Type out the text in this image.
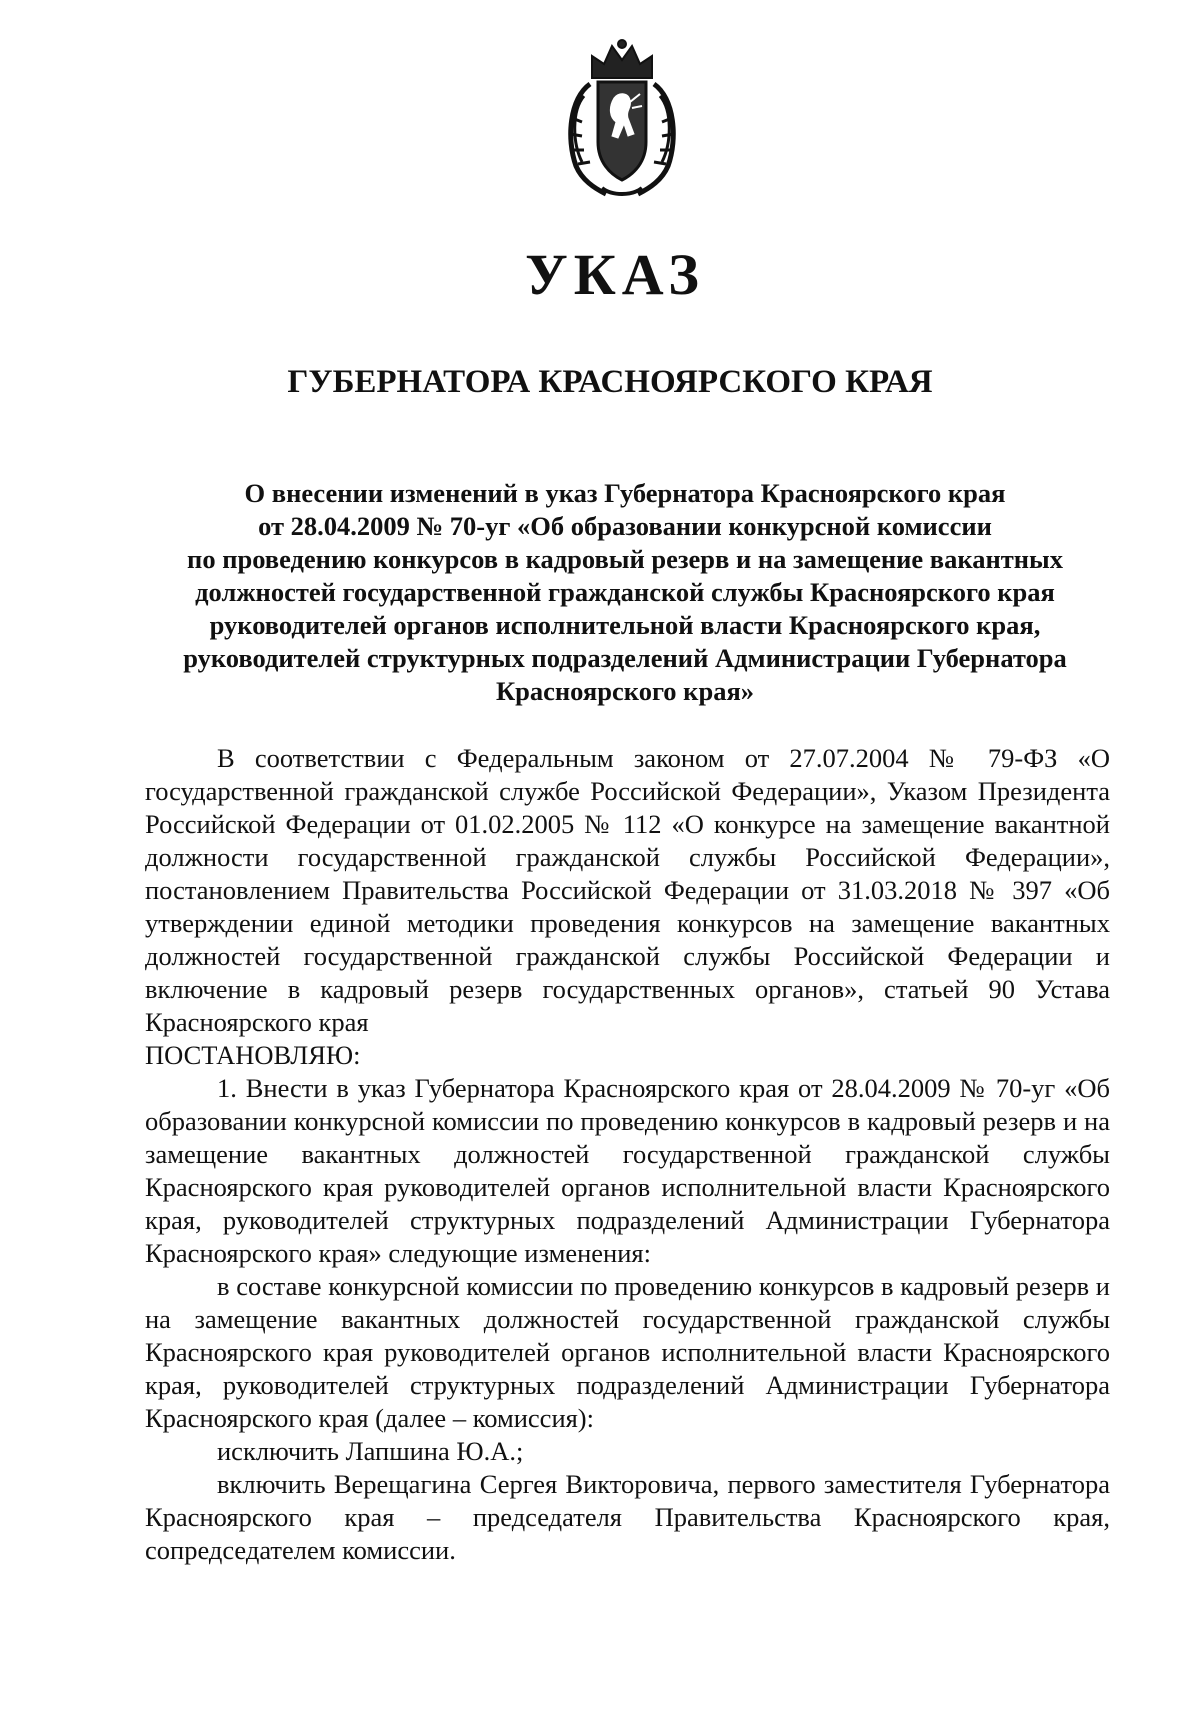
УКАЗ
ГУБЕРНАТОРА КРАСНОЯРСКОГО КРАЯ
О внесении изменений в указ Губернатора Красноярского края
от 28.04.2009 № 70-уг «Об образовании конкурсной комиссии
по проведению конкурсов в кадровый резерв и на замещение вакантных
должностей государственной гражданской службы Красноярского края
руководителей органов исполнительной власти Красноярского края,
руководителей структурных подразделений Администрации Губернатора
Красноярского края»

В соответствии с Федеральным законом от 27.07.2004 № 79-ФЗ «О государственной гражданской службе Российской Федерации», Указом Президента Российской Федерации от 01.02.2005 № 112 «О конкурсе на замещение вакантной должности государственной гражданской службы Российской Федерации», постановлением Правительства Российской Федерации от 31.03.2018 № 397 «Об утверждении единой методики проведения конкурсов на замещение вакантных должностей государственной гражданской службы Российской Федерации и включение в кадровый резерв государственных органов», статьей 90 Устава Красноярского края

ПОСТАНОВЛЯЮ:

1. Внести в указ Губернатора Красноярского края от 28.04.2009 № 70-уг «Об образовании конкурсной комиссии по проведению конкурсов в кадровый резерв и на замещение вакантных должностей государственной гражданской службы Красноярского края руководителей органов исполнительной власти Красноярского края, руководителей структурных подразделений Администрации Губернатора Красноярского края» следующие изменения:

в составе конкурсной комиссии по проведению конкурсов в кадровый резерв и на замещение вакантных должностей государственной гражданской службы Красноярского края руководителей органов исполнительной власти Красноярского края, руководителей структурных подразделений Администрации Губернатора Красноярского края (далее – комиссия):

исключить Лапшина Ю.А.;

включить Верещагина Сергея Викторовича, первого заместителя Губернатора Красноярского края – председателя Правительства Красноярского края, сопредседателем комиссии.
